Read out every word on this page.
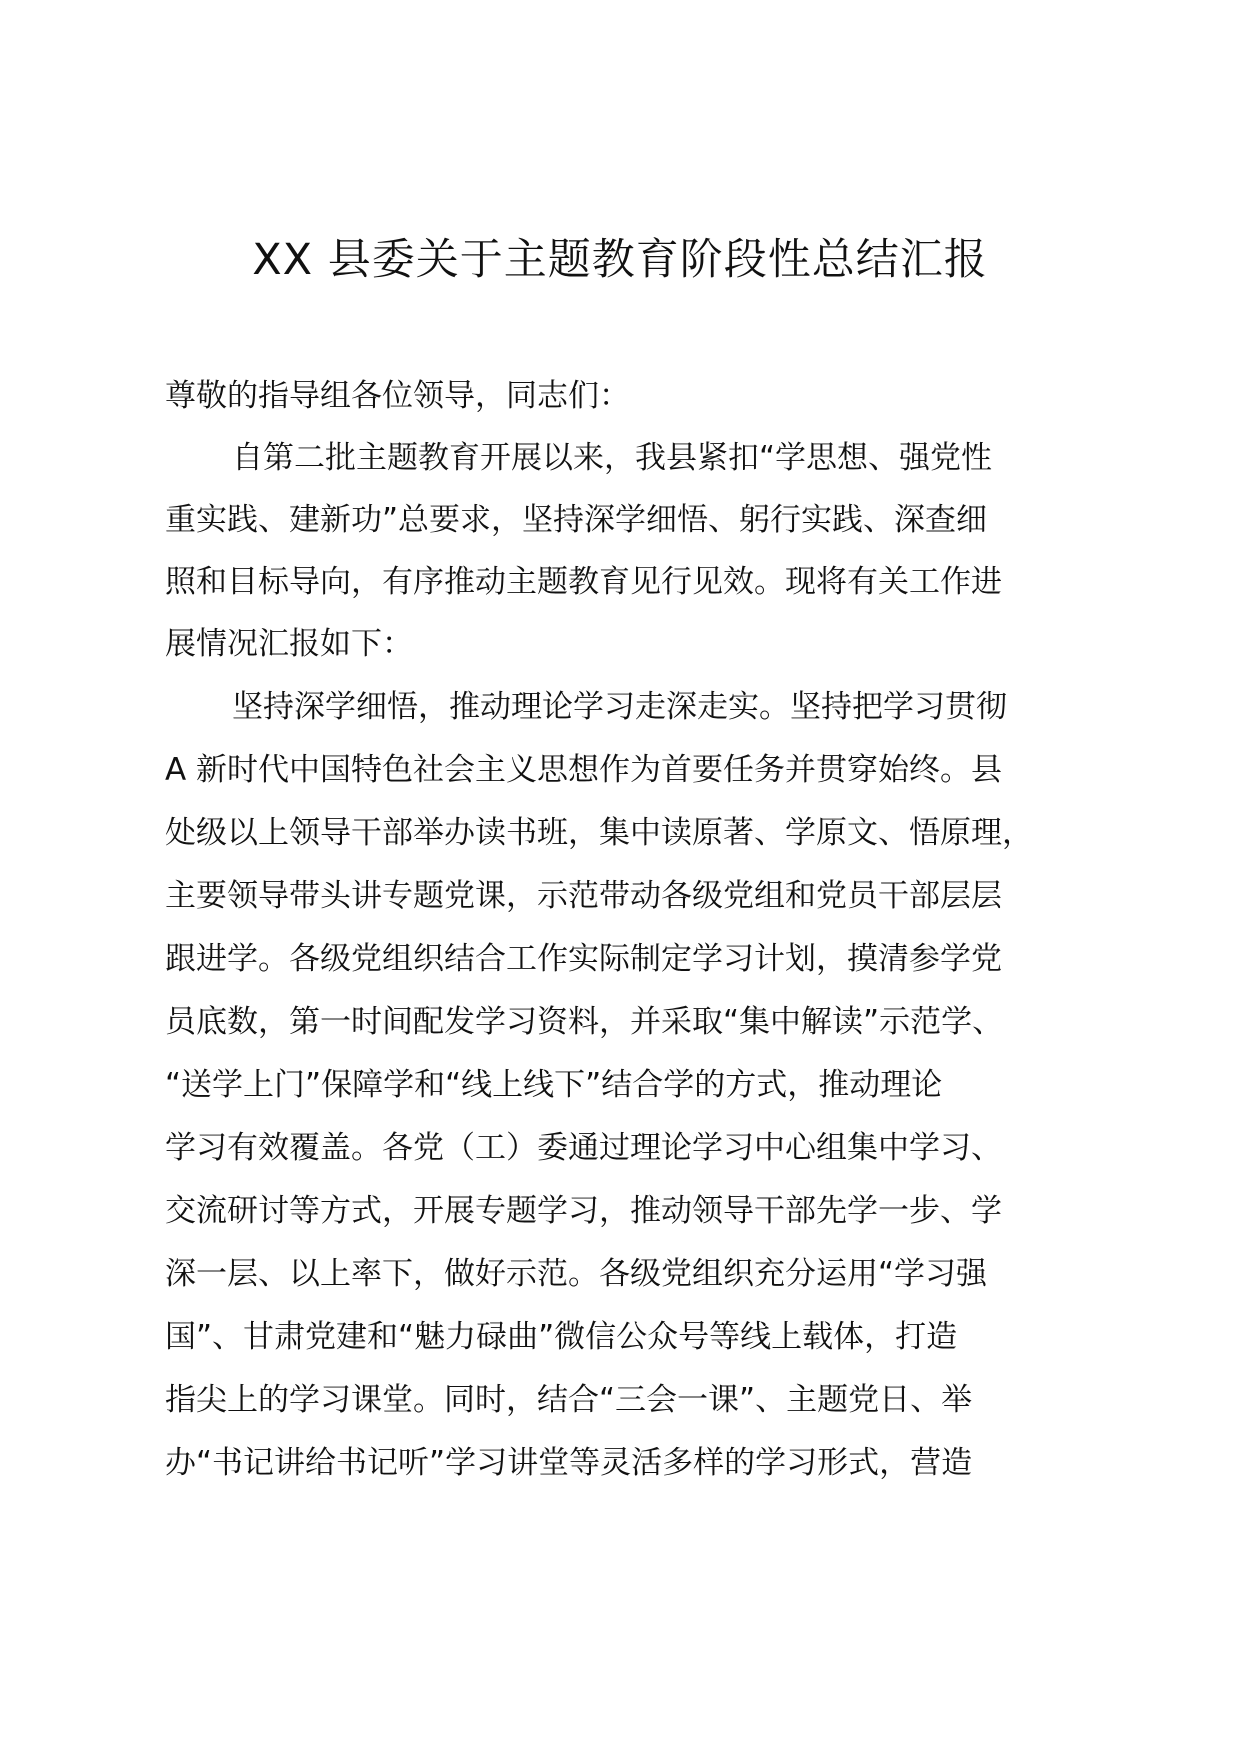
XX 县委关于主题教育阶段性总结汇报

尊敬的指导组各位领导，同志们：

自第二批主题教育开展以来，我县紧扣“学思想、强党性

重实践、建新功”总要求，坚持深学细悟、躬行实践、深查细

照和目标导向，有序推动主题教育见行见效。现将有关工作进

展情况汇报如下：

坚持深学细悟，推动理论学习走深走实。坚持把学习贯彻

A 新时代中国特色社会主义思想作为首要任务并贯穿始终。县

处级以上领导干部举办读书班，集中读原著、学原文、悟原理，

主要领导带头讲专题党课，示范带动各级党组和党员干部层层

跟进学。各级党组织结合工作实际制定学习计划，摸清参学党

员底数，第一时间配发学习资料，并采取“集中解读”示范学、

“送学上门”保障学和“线上线下”结合学的方式，推动理论

学习有效覆盖。各党（工）委通过理论学习中心组集中学习、

交流研讨等方式，开展专题学习，推动领导干部先学一步、学

深一层、以上率下，做好示范。各级党组织充分运用“学习强

国”、甘肃党建和“魅力碌曲”微信公众号等线上载体，打造

指尖上的学习课堂。同时，结合“三会一课”、主题党日、举

办“书记讲给书记听”学习讲堂等灵活多样的学习形式，营造
